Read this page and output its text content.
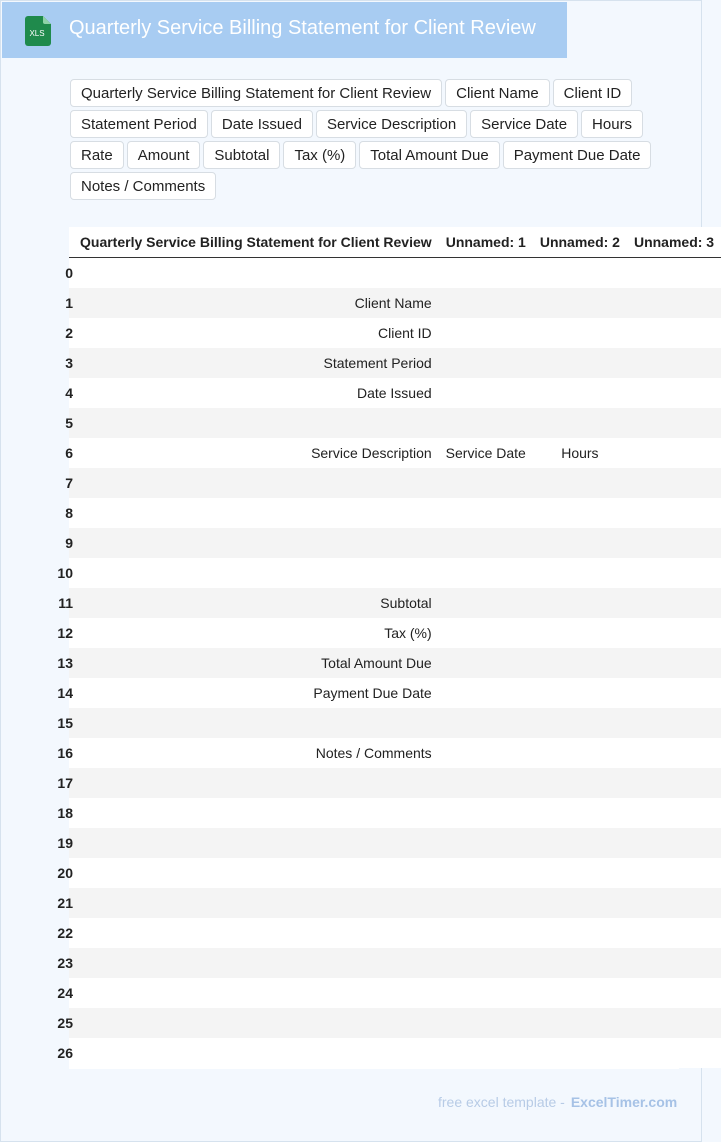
XLS Quarterly Service Billing Statement for Client Review
Quarterly Service Billing Statement for Client Review	Client Name	Client ID
Statement Period	Date Issued	Service Description	Service Date	Hours
Rate	Amount	Subtotal	Tax (%)	Total Amount Due	Payment Due Date
Notes / Comments
	Quarterly Service Billing Statement for Client Review	Unnamed: 1	Unnamed: 2	Unnamed: 3
0				
1	Client Name			
2	Client ID			
3	Statement Period			
4	Date Issued			
5				
6	Service Description	Service Date	Hours	
7				
8				
9				
10				
11	Subtotal			
12	Tax (%)			
13	Total Amount Due			
14	Payment Due Date			
15				
16	Notes / Comments			
17				
18				
19				
20				
21				
22				
23				
24				
25				
26				
free excel template - ExcelTimer.com
